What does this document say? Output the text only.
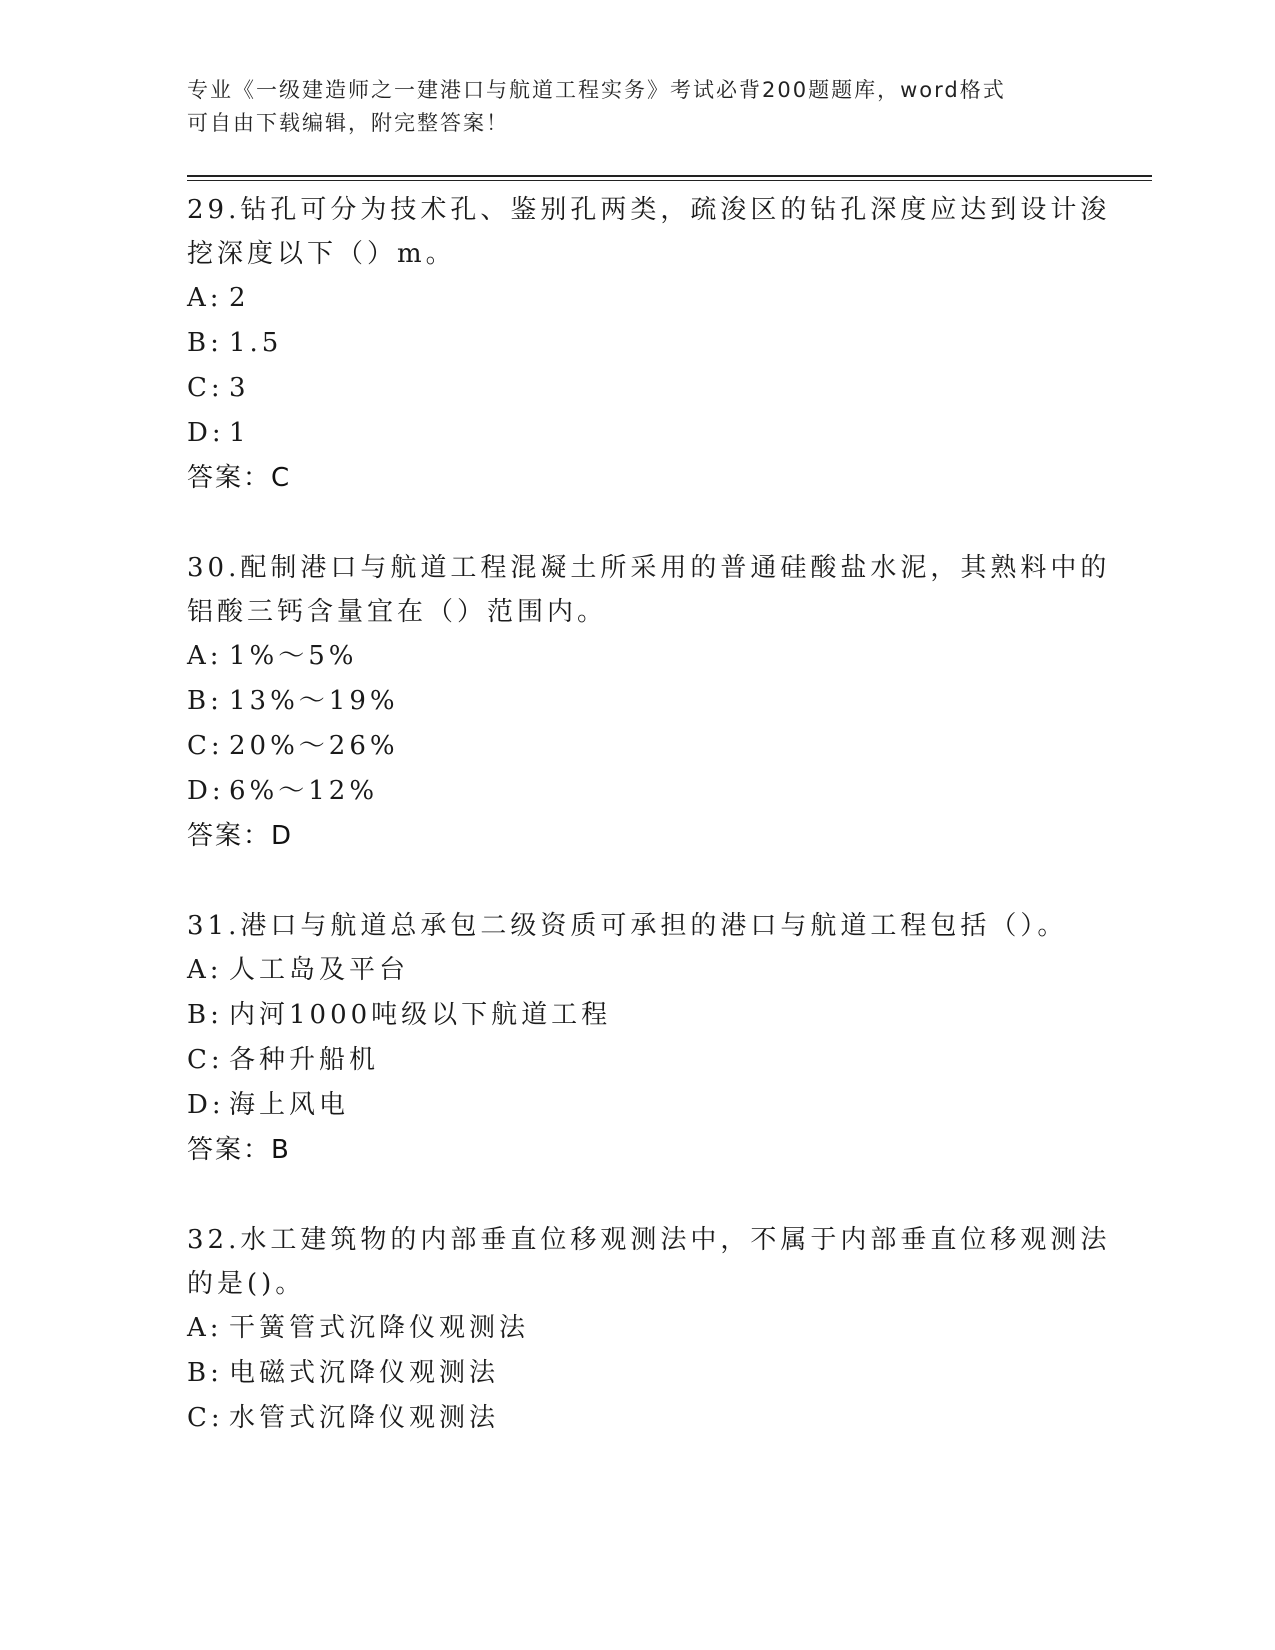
专业《一级建造师之一建港口与航道工程实务》考试必背200题题库，word格式
可自由下载编辑，附完整答案！
29.钻孔可分为技术孔、鉴别孔两类，疏浚区的钻孔深度应达到设计浚
挖深度以下（）m。
A: 2
B: 1.5
C: 3
D: 1
答案：C
30.配制港口与航道工程混凝土所采用的普通硅酸盐水泥，其熟料中的
铝酸三钙含量宜在（）范围内。
A: 1%～5%
B: 13%～19%
C: 20%～26%
D: 6%～12%
答案：D
31.港口与航道总承包二级资质可承担的港口与航道工程包括（）。
A: 人工岛及平台
B: 内河1000吨级以下航道工程
C: 各种升船机
D: 海上风电
答案：B
32.水工建筑物的内部垂直位移观测法中，不属于内部垂直位移观测法
的是()。
A: 干簧管式沉降仪观测法
B: 电磁式沉降仪观测法
C: 水管式沉降仪观测法
